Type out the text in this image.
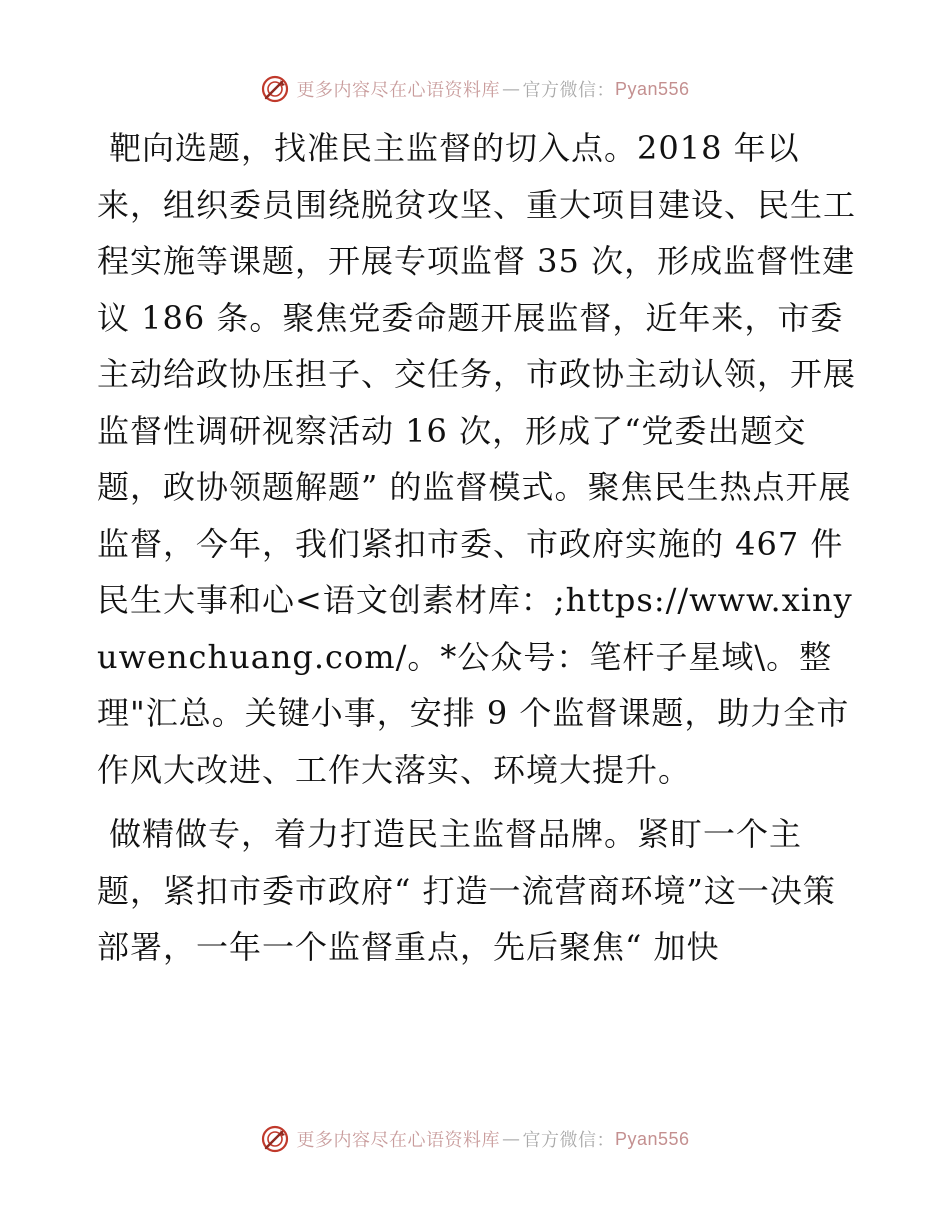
更多内容尽在心语资料库 — 官方微信： Pyan556

靶向选题，找准民主监督的切入点。2018 年以来，组织委员围绕脱贫攻坚、重大项目建设、民生工程实施等课题，开展专项监督 35 次，形成监督性建议 186 条。聚焦党委命题开展监督，近年来，市委主动给政协压担子、交任务，市政协主动认领，开展监督性调研视察活动 16 次，形成了“党委出题交题，政协领题解题” 的监督模式。聚焦民生热点开展监督，今年，我们紧扣市委、市政府实施的 467 件民生大事和心<语文创素材库：;https://www.xinyuwenchuang.com/。*公众号：笔杆子星域\。整理"汇总。关键小事，安排 9 个监督课题，助力全市作风大改进、工作大落实、环境大提升。

做精做专，着力打造民主监督品牌。紧盯一个主题，紧扣市委市政府“ 打造一流营商环境”这一决策部署，一年一个监督重点，先后聚焦“ 加快

更多内容尽在心语资料库 — 官方微信： Pyan556
